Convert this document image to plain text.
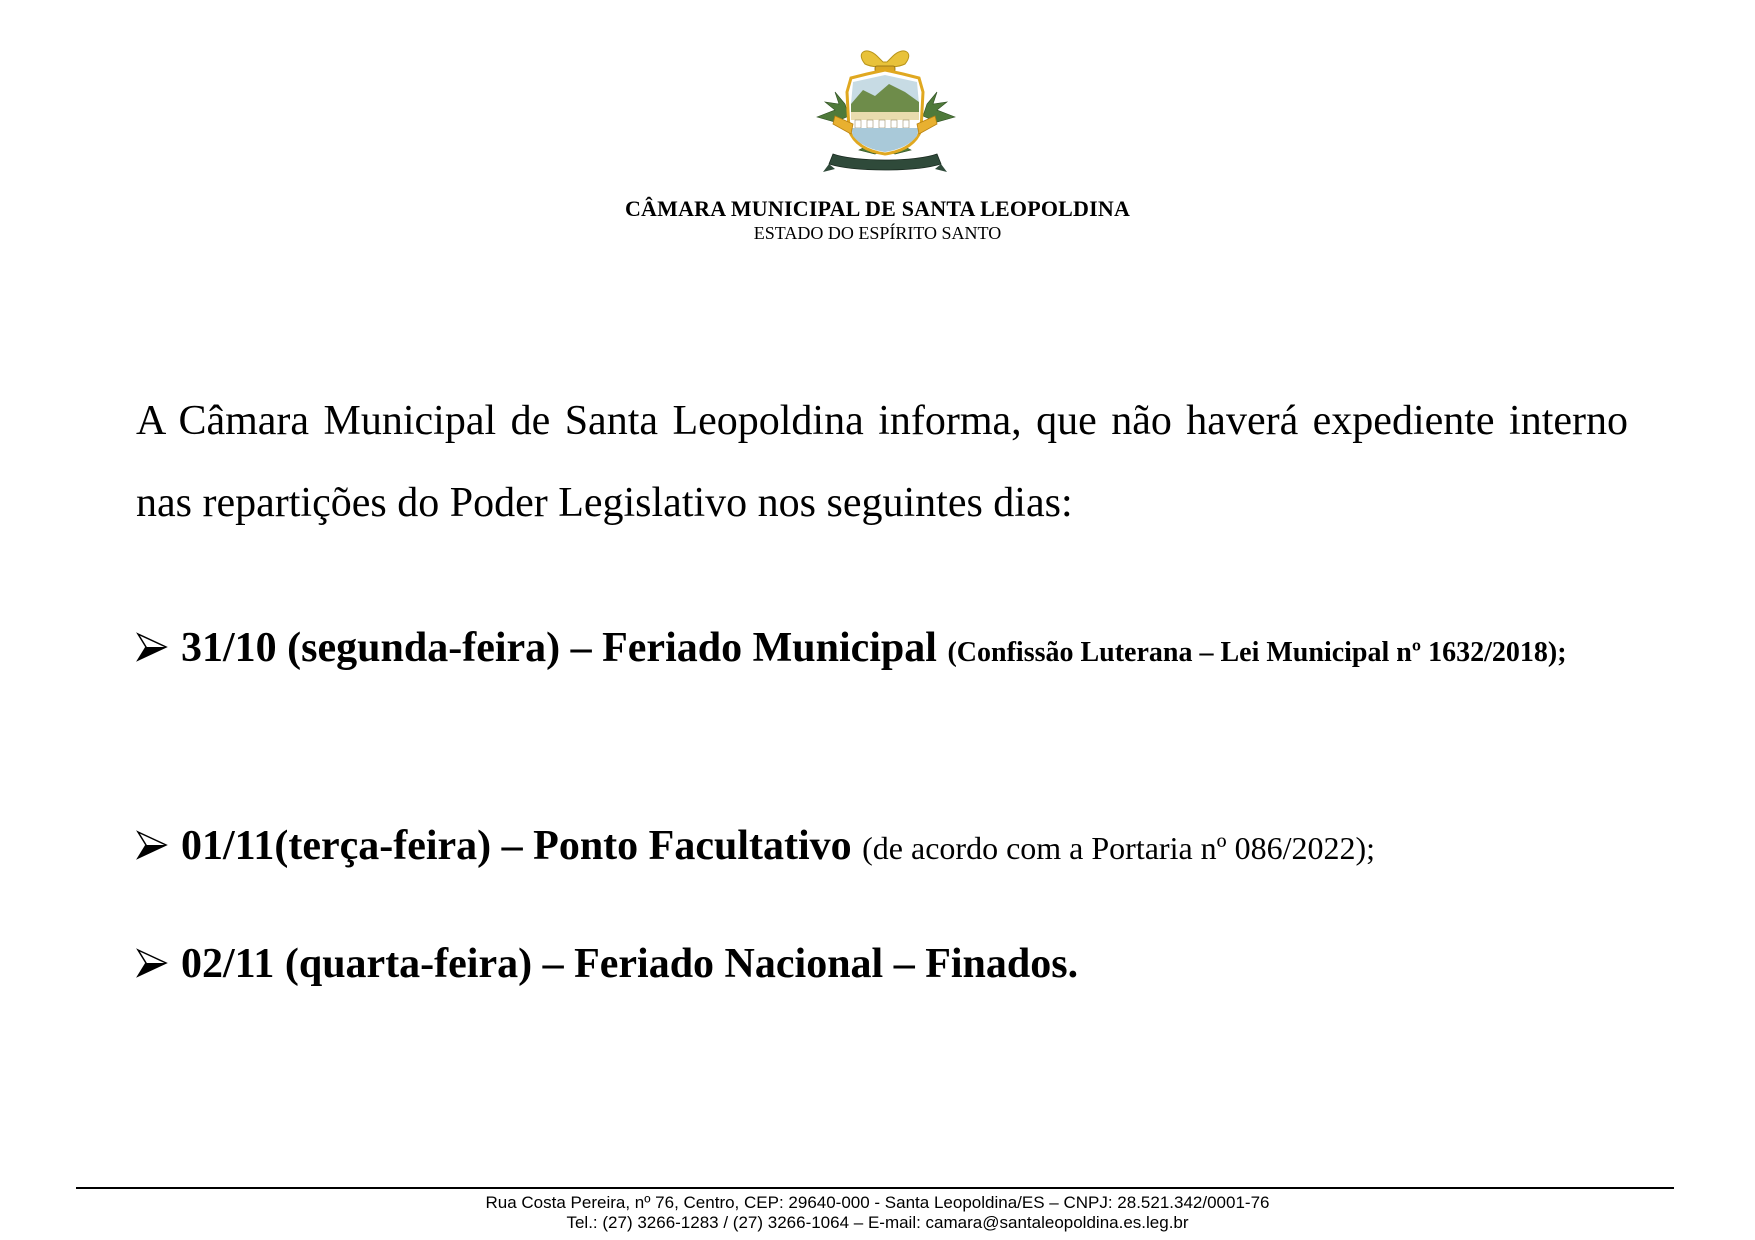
CÂMARA MUNICIPAL DE SANTA LEOPOLDINA
ESTADO DO ESPÍRITO SANTO

A Câmara Municipal de Santa Leopoldina informa, que não haverá expediente interno nas repartições do Poder Legislativo nos seguintes dias:

31/10 (segunda-feira) – Feriado Municipal (Confissão Luterana – Lei Municipal nº 1632/2018);
01/11(terça-feira) – Ponto Facultativo (de acordo com a Portaria nº 086/2022);
02/11 (quarta-feira) – Feriado Nacional – Finados.
Rua Costa Pereira, nº 76, Centro, CEP: 29640-000 - Santa Leopoldina/ES – CNPJ: 28.521.342/0001-76
Tel.: (27) 3266-1283 / (27) 3266-1064 – E-mail: camara@santaleopoldina.es.leg.br
